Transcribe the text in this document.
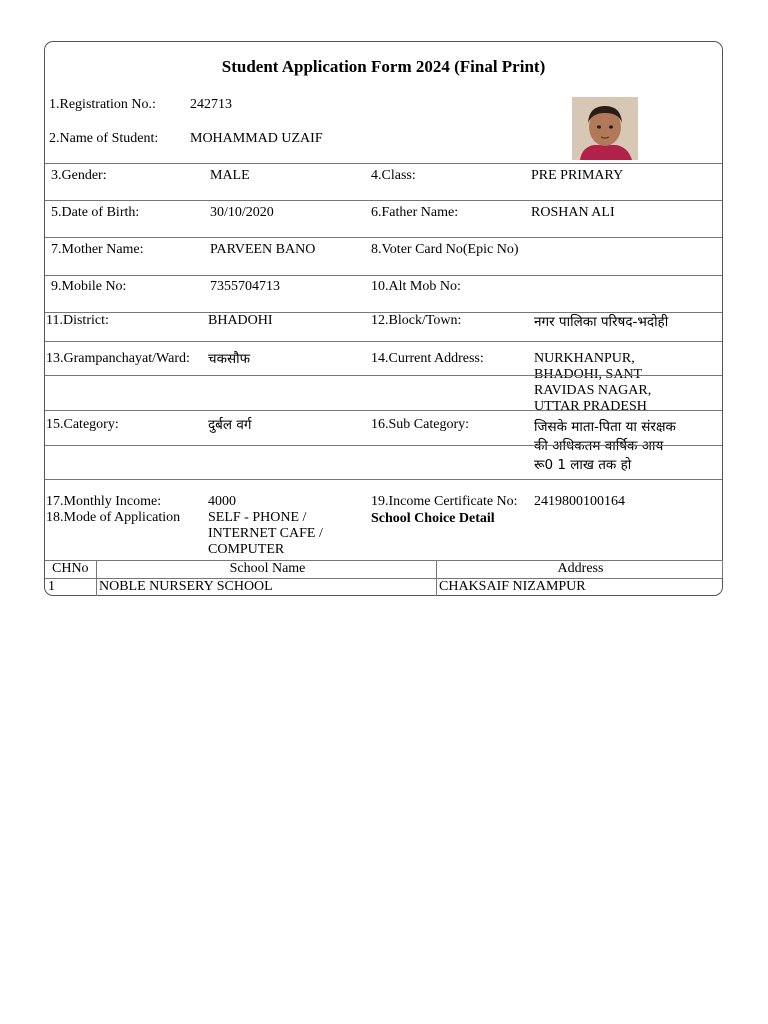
Student Application Form 2024 (Final Print)
1.Registration No.: 242713
2.Name of Student: MOHAMMAD UZAIF
3.Gender:	MALE	4.Class:	PRE PRIMARY
5.Date of Birth:	30/10/2020	6.Father Name:	ROSHAN ALI
7.Mother Name:	PARVEEN BANO	8.Voter Card No(Epic No)
9.Mobile No:	7355704713	10.Alt Mob No:
11.District:	BHADOHI	12.Block/Town:	नगर पालिका परिषद-भदोही
13.Grampanchayat/Ward: चकसौफ	14.Current Address:	NURKHANPUR, BHADOHI, SANT RAVIDAS NAGAR, UTTAR PRADESH
15.Category:	दुर्बल वर्ग	16.Sub Category:	जिसके माता-पिता या संरक्षक की अधिकतम वार्षिक आय रू0 1 लाख तक हो
17.Monthly Income:	4000	19.Income Certificate No: 2419800100164
18.Mode of Application SELF - PHONE / INTERNET CAFE / COMPUTER
School Choice Detail
CHNo	School Name	Address
1	NOBLE NURSERY SCHOOL	CHAKSAIF NIZAMPUR
